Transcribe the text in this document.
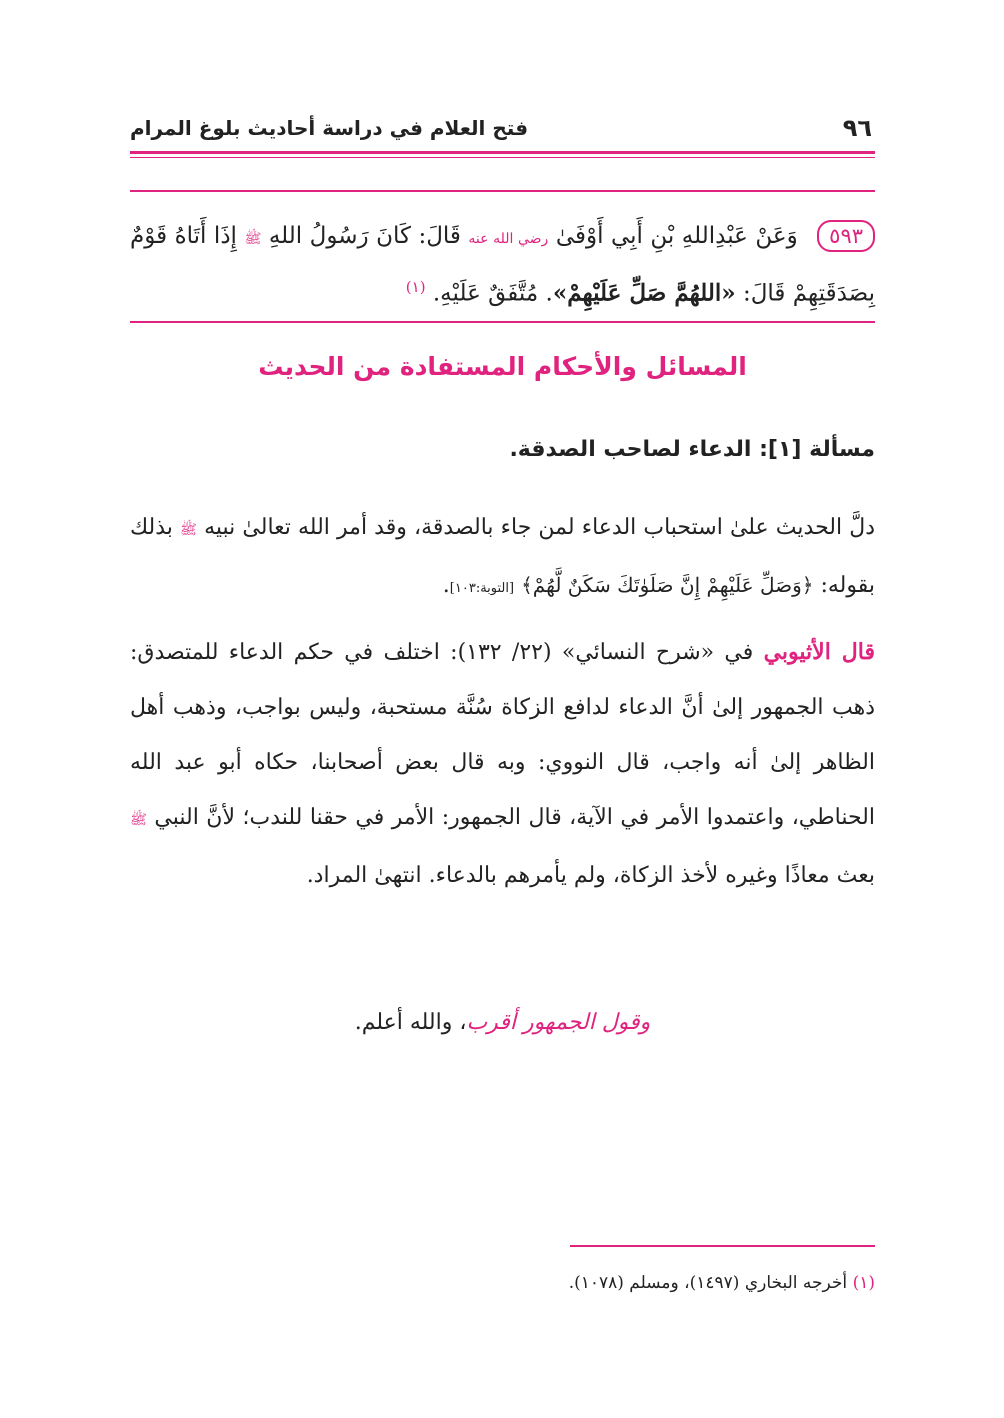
٩٦
فتح العلام في دراسة أحاديث بلوغ المرام
٥٩٣ وَعَنْ عَبْدِاللهِ بْنِ أَبِي أَوْفَىٰ رضي الله عنه قَالَ: كَانَ رَسُولُ اللهِ ﷺ إِذَا أَتَاهُ قَوْمٌ
بِصَدَقَتِهِمْ قَالَ: «اللهُمَّ صَلِّ عَلَيْهِمْ». مُتَّفَقٌ عَلَيْهِ. $^{(١)}$
المسائل والأحكام المستفادة من الحديث
مسألة [١]: الدعاء لصاحب الصدقة.
دلَّ الحديث علىٰ استحباب الدعاء لمن جاء بالصدقة، وقد أمر الله تعالىٰ نبيه ﷺ بذلك بقوله: ﴿وَصَلِّ عَلَيْهِمْ إِنَّ صَلَوٰتَكَ سَكَنٌ لَّهُمْ﴾ [التوبة:١٠٣].
قال الأثيوبي في «شرح النسائي» (٢٢/ ١٣٢): اختلف في حكم الدعاء للمتصدق: ذهب الجمهور إلىٰ أنَّ الدعاء لدافع الزكاة سُنَّة مستحبة، وليس بواجب، وذهب أهل الظاهر إلىٰ أنه واجب، قال النووي: وبه قال بعض أصحابنا، حكاه أبو عبد الله الحناطي، واعتمدوا الأمر في الآية، قال الجمهور: الأمر في حقنا للندب؛ لأنَّ النبي ﷺ بعث معاذًا وغيره لأخذ الزكاة، ولم يأمرهم بالدعاء. انتهىٰ المراد.
وقول الجمهور أقرب، والله أعلم.
(١) أخرجه البخاري (١٤٩٧)، ومسلم (١٠٧٨).
